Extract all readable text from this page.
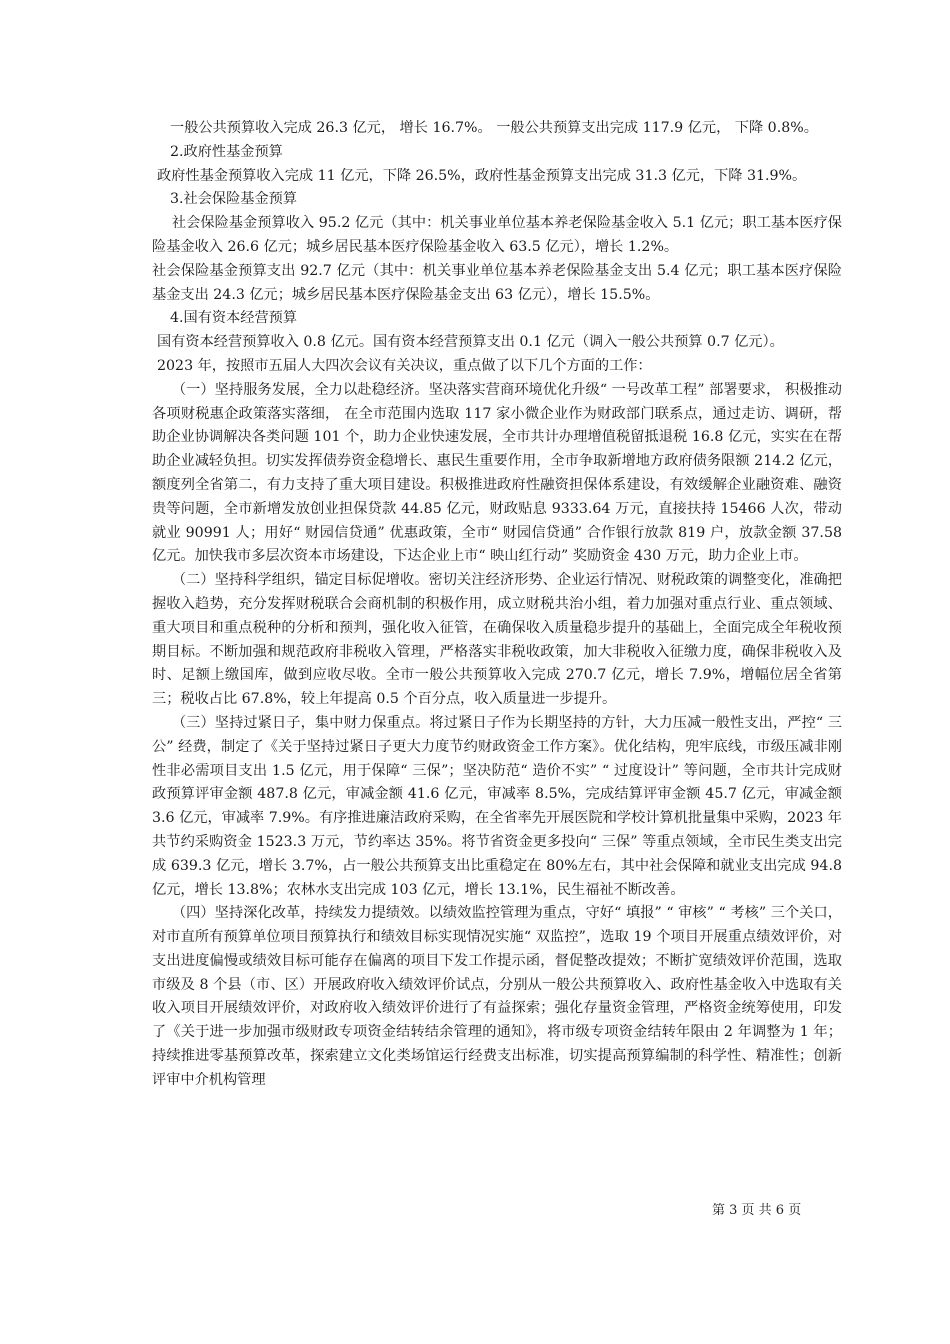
一般公共预算收入完成 26.3 亿元， 增长 16.7%。 一般公共预算支出完成 117.9 亿元， 下降 0.8%。

2.政府性基金预算

政府性基金预算收入完成 11 亿元，下降 26.5%，政府性基金预算支出完成 31.3 亿元，下降 31.9%。

3.社会保险基金预算

社会保险基金预算收入 95.2 亿元（其中：机关事业单位基本养老保险基金收入 5.1 亿元；职工基本医疗保险基金收入 26.6 亿元；城乡居民基本医疗保险基金收入 63.5 亿元），增长 1.2%。

社会保险基金预算支出 92.7 亿元（其中：机关事业单位基本养老保险基金支出 5.4 亿元；职工基本医疗保险基金支出 24.3 亿元；城乡居民基本医疗保险基金支出 63 亿元），增长 15.5%。

4.国有资本经营预算

国有资本经营预算收入 0.8 亿元。国有资本经营预算支出 0.1 亿元（调入一般公共预算 0.7 亿元）。

2023 年，按照市五届人大四次会议有关决议，重点做了以下几个方面的工作：

（一）坚持服务发展，全力以赴稳经济。坚决落实营商环境优化升级“ 一号改革工程” 部署要求， 积极推动各项财税惠企政策落实落细， 在全市范围内选取 117 家小微企业作为财政部门联系点，通过走访、调研，帮助企业协调解决各类问题 101 个，助力企业快速发展，全市共计办理增值税留抵退税 16.8 亿元，实实在在帮助企业减轻负担。切实发挥债券资金稳增长、惠民生重要作用，全市争取新增地方政府债务限额 214.2 亿元，额度列全省第二，有力支持了重大项目建设。积极推进政府性融资担保体系建设，有效缓解企业融资难、融资贵等问题，全市新增发放创业担保贷款 44.85 亿元，财政贴息 9333.64 万元，直接扶持 15466 人次，带动就业 90991 人；用好“ 财园信贷通” 优惠政策，全市“ 财园信贷通” 合作银行放款 819 户，放款金额 37.58 亿元。加快我市多层次资本市场建设，下达企业上市“ 映山红行动” 奖励资金 430 万元，助力企业上市。

（二）坚持科学组织，锚定目标促增收。密切关注经济形势、企业运行情况、财税政策的调整变化，准确把握收入趋势，充分发挥财税联合会商机制的积极作用，成立财税共治小组，着力加强对重点行业、重点领域、重大项目和重点税种的分析和预判，强化收入征管，在确保收入质量稳步提升的基础上，全面完成全年税收预期目标。不断加强和规范政府非税收入管理，严格落实非税收政策，加大非税收入征缴力度，确保非税收入及时、足额上缴国库，做到应收尽收。全市一般公共预算收入完成 270.7 亿元，增长 7.9%，增幅位居全省第三；税收占比 67.8%，较上年提高 0.5 个百分点，收入质量进一步提升。

（三）坚持过紧日子，集中财力保重点。将过紧日子作为长期坚持的方针，大力压减一般性支出，严控“ 三公” 经费，制定了《关于坚持过紧日子更大力度节约财政资金工作方案》。优化结构，兜牢底线，市级压减非刚性非必需项目支出 1.5 亿元，用于保障“ 三保”；坚决防范“ 造价不实” “ 过度设计” 等问题，全市共计完成财政预算评审金额 487.8 亿元，审减金额 41.6 亿元，审减率 8.5%，完成结算评审金额 45.7 亿元，审减金额 3.6 亿元，审减率 7.9%。有序推进廉洁政府采购，在全省率先开展医院和学校计算机批量集中采购，2023 年共节约采购资金 1523.3 万元，节约率达 35%。将节省资金更多投向“ 三保” 等重点领域，全市民生类支出完成 639.3 亿元，增长 3.7%，占一般公共预算支出比重稳定在 80%左右，其中社会保障和就业支出完成 94.8 亿元，增长 13.8%；农林水支出完成 103 亿元，增长 13.1%，民生福祉不断改善。

（四）坚持深化改革，持续发力提绩效。以绩效监控管理为重点，守好“ 填报” “ 审核” “ 考核” 三个关口，对市直所有预算单位项目预算执行和绩效目标实现情况实施“ 双监控”，选取 19 个项目开展重点绩效评价，对支出进度偏慢或绩效目标可能存在偏离的项目下发工作提示函，督促整改提效；不断扩宽绩效评价范围，选取市级及 8 个县（市、区）开展政府收入绩效评价试点，分别从一般公共预算收入、政府性基金收入中选取有关收入项目开展绩效评价，对政府收入绩效评价进行了有益探索；强化存量资金管理，严格资金统筹使用，印发了《关于进一步加强市级财政专项资金结转结余管理的通知》，将市级专项资金结转年限由 2 年调整为 1 年；持续推进零基预算改革，探索建立文化类场馆运行经费支出标准，切实提高预算编制的科学性、精准性；创新评审中介机构管理

第 3 页 共 6 页
